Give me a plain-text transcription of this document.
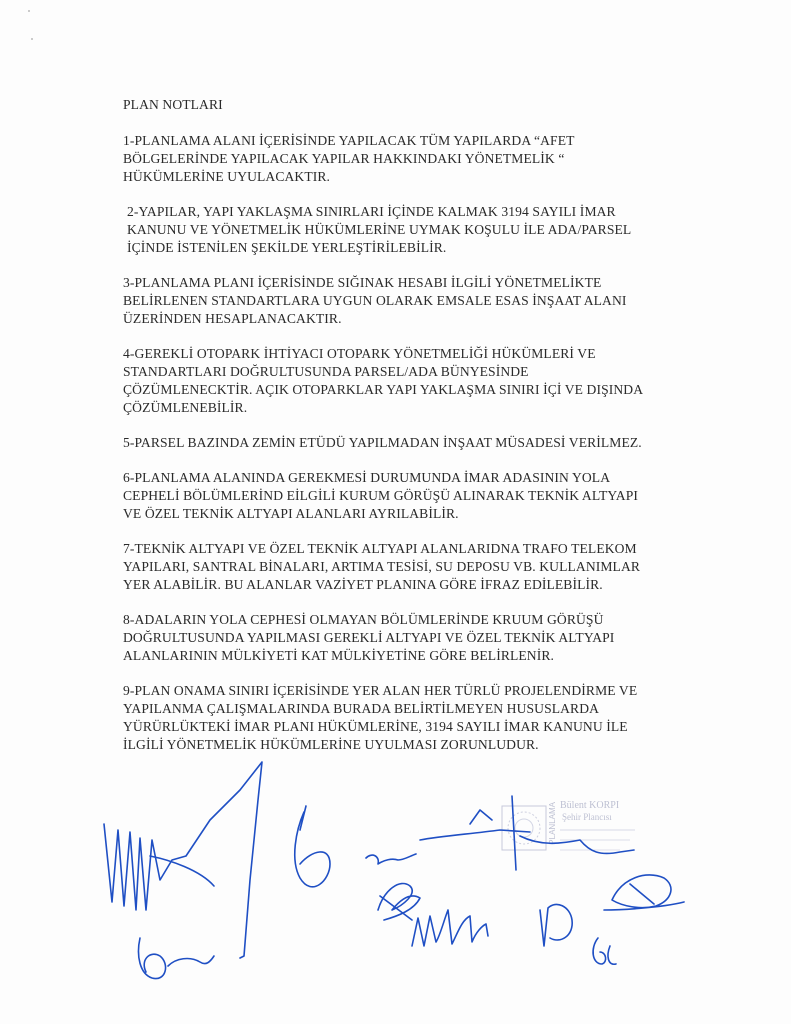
PLAN NOTLARI
1-PLANLAMA ALANI İÇERİSİNDE YAPILACAK TÜM YAPILARDA “AFET
BÖLGELERİNDE YAPILACAK YAPILAR HAKKINDAKI YÖNETMELİK “
HÜKÜMLERİNE UYULACAKTIR.
2-YAPILAR, YAPI YAKLAŞMA SINIRLARI İÇİNDE KALMAK 3194 SAYILI İMAR
KANUNU VE YÖNETMELİK HÜKÜMLERİNE UYMAK KOŞULU İLE ADA/PARSEL
İÇİNDE İSTENİLEN ŞEKİLDE YERLEŞTİRİLEBİLİR.
3-PLANLAMA PLANI İÇERİSİNDE SIĞINAK HESABI İLGİLİ YÖNETMELİKTE
BELİRLENEN STANDARTLARA UYGUN OLARAK EMSALE ESAS İNŞAAT ALANI
ÜZERİNDEN HESAPLANACAKTIR.
4-GEREKLİ OTOPARK İHTİYACI OTOPARK YÖNETMELİĞİ HÜKÜMLERİ VE
STANDARTLARI DOĞRULTUSUNDA PARSEL/ADA BÜNYESİNDE
ÇÖZÜMLENECKTİR. AÇIK OTOPARKLAR YAPI YAKLAŞMA SINIRI İÇİ VE DIŞINDA
ÇÖZÜMLENEBİLİR.
5-PARSEL BAZINDA ZEMİN ETÜDÜ YAPILMADAN İNŞAAT MÜSADESİ VERİLMEZ.
6-PLANLAMA ALANINDA GEREKMESİ DURUMUNDA İMAR ADASININ YOLA
CEPHELİ BÖLÜMLERİND EİLGİLİ KURUM GÖRÜŞÜ ALINARAK TEKNİK ALTYAPI
VE ÖZEL TEKNİK ALTYAPI ALANLARI AYRILABİLİR.
7-TEKNİK ALTYAPI VE ÖZEL TEKNİK ALTYAPI ALANLARIDNA TRAFO TELEKOM
YAPILARI, SANTRAL BİNALARI, ARTIMA TESİSİ, SU DEPOSU VB. KULLANIMLAR
YER ALABİLİR. BU ALANLAR VAZİYET PLANINA GÖRE İFRAZ EDİLEBİLİR.
8-ADALARIN YOLA CEPHESİ OLMAYAN BÖLÜMLERİNDE KRUUM GÖRÜŞÜ
DOĞRULTUSUNDA YAPILMASI GEREKLİ ALTYAPI VE ÖZEL TEKNİK ALTYAPI
ALANLARININ MÜLKİYETİ KAT MÜLKİYETİNE GÖRE BELİRLENİR.
9-PLAN ONAMA SINIRI İÇERİSİNDE YER ALAN HER TÜRLÜ PROJELENDİRME VE
YAPILANMA ÇALIŞMALARINDA BURADA BELİRTİLMEYEN HUSUSLARDA
YÜRÜRLÜKTEKİ İMAR PLANI HÜKÜMLERİNE, 3194 SAYILI İMAR KANUNU İLE
İLGİLİ YÖNETMELİK HÜKÜMLERİNE UYULMASI ZORUNLUDUR.
Bülent KORPI
Şehir Plancısı
PLANLAMA
